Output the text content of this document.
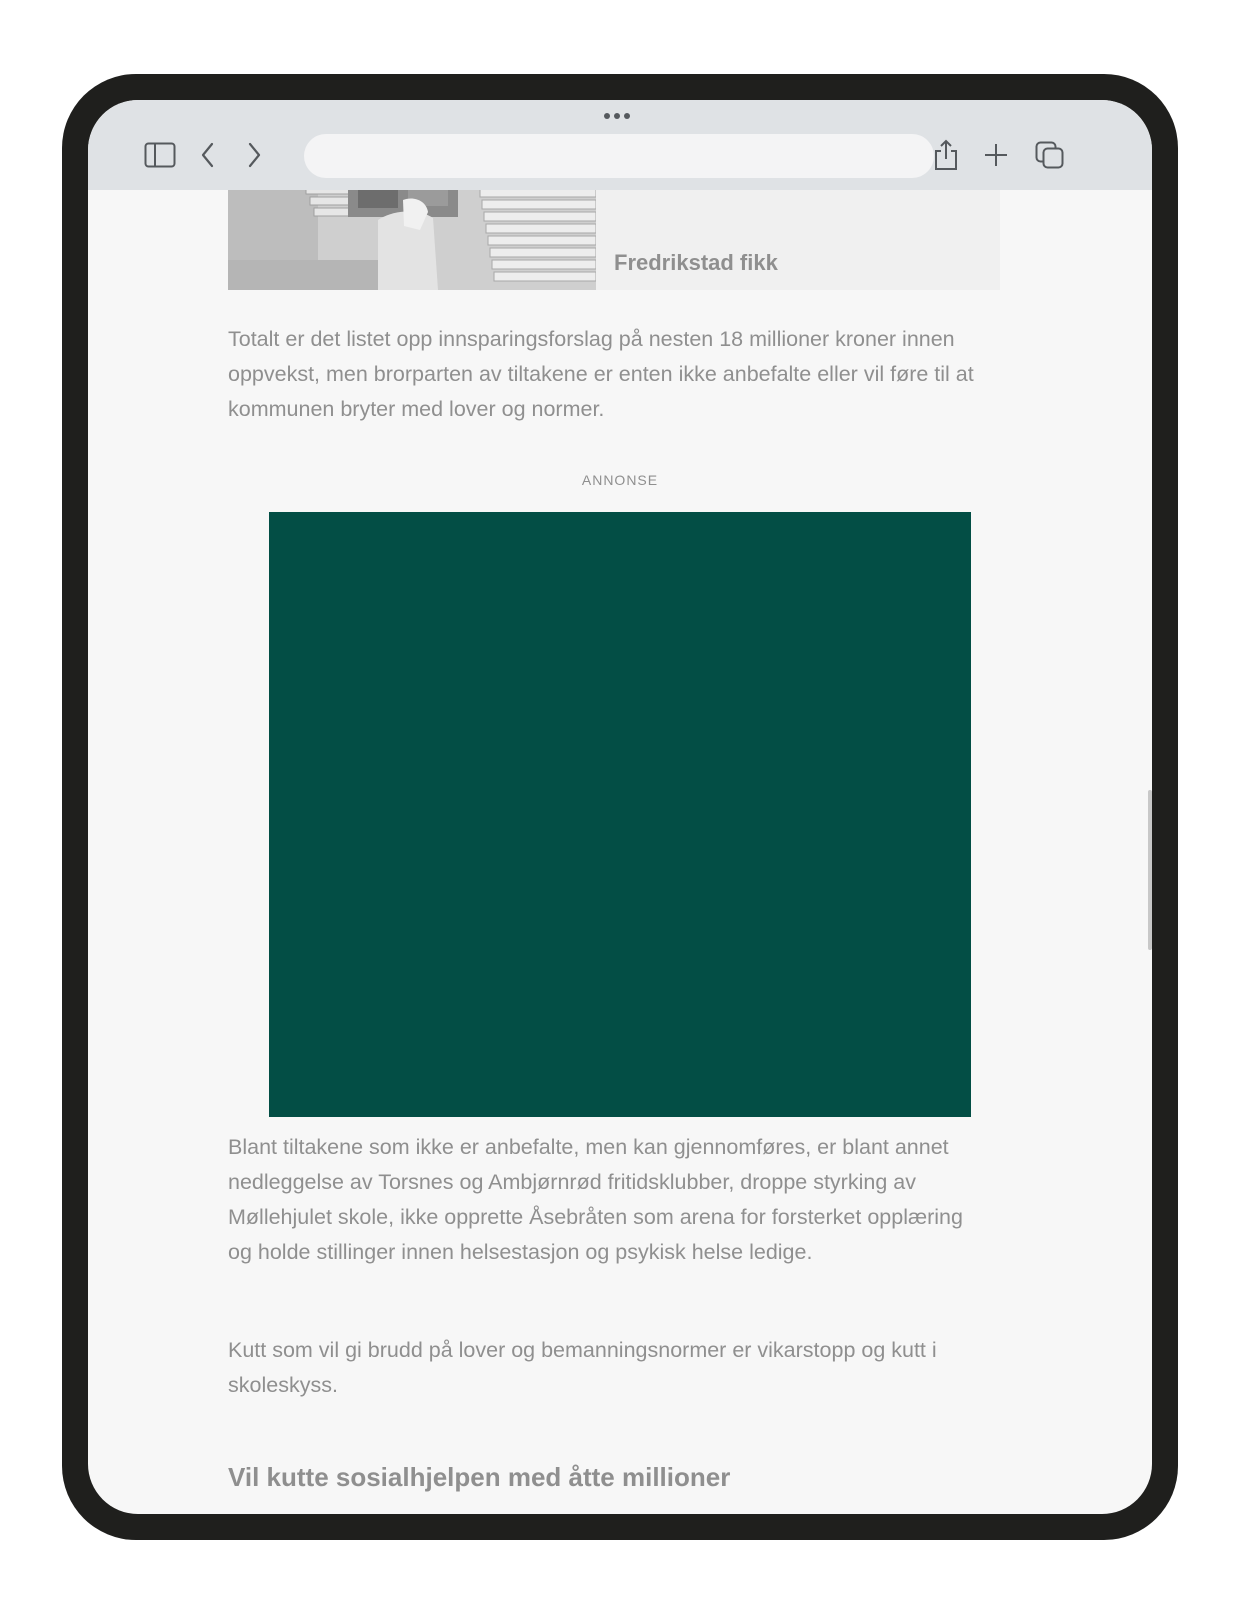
Fredrikstad fikk

Totalt er det listet opp innsparingsforslag på nesten 18 millioner kroner innen oppvekst, men brorparten av tiltakene er enten ikke anbefalte eller vil føre til at kommunen bryter med lover og normer.

ANNONSE

Blant tiltakene som ikke er anbefalte, men kan gjennomføres, er blant annet nedleggelse av Torsnes og Ambjørnrød fritidsklubber, droppe styrking av Møllehjulet skole, ikke opprette Åsebråten som arena for forsterket opplæring og holde stillinger innen helsestasjon og psykisk helse ledige.

Kutt som vil gi brudd på lover og bemanningsnormer er vikarstopp og kutt i skoleskyss.

Vil kutte sosialhjelpen med åtte millioner
